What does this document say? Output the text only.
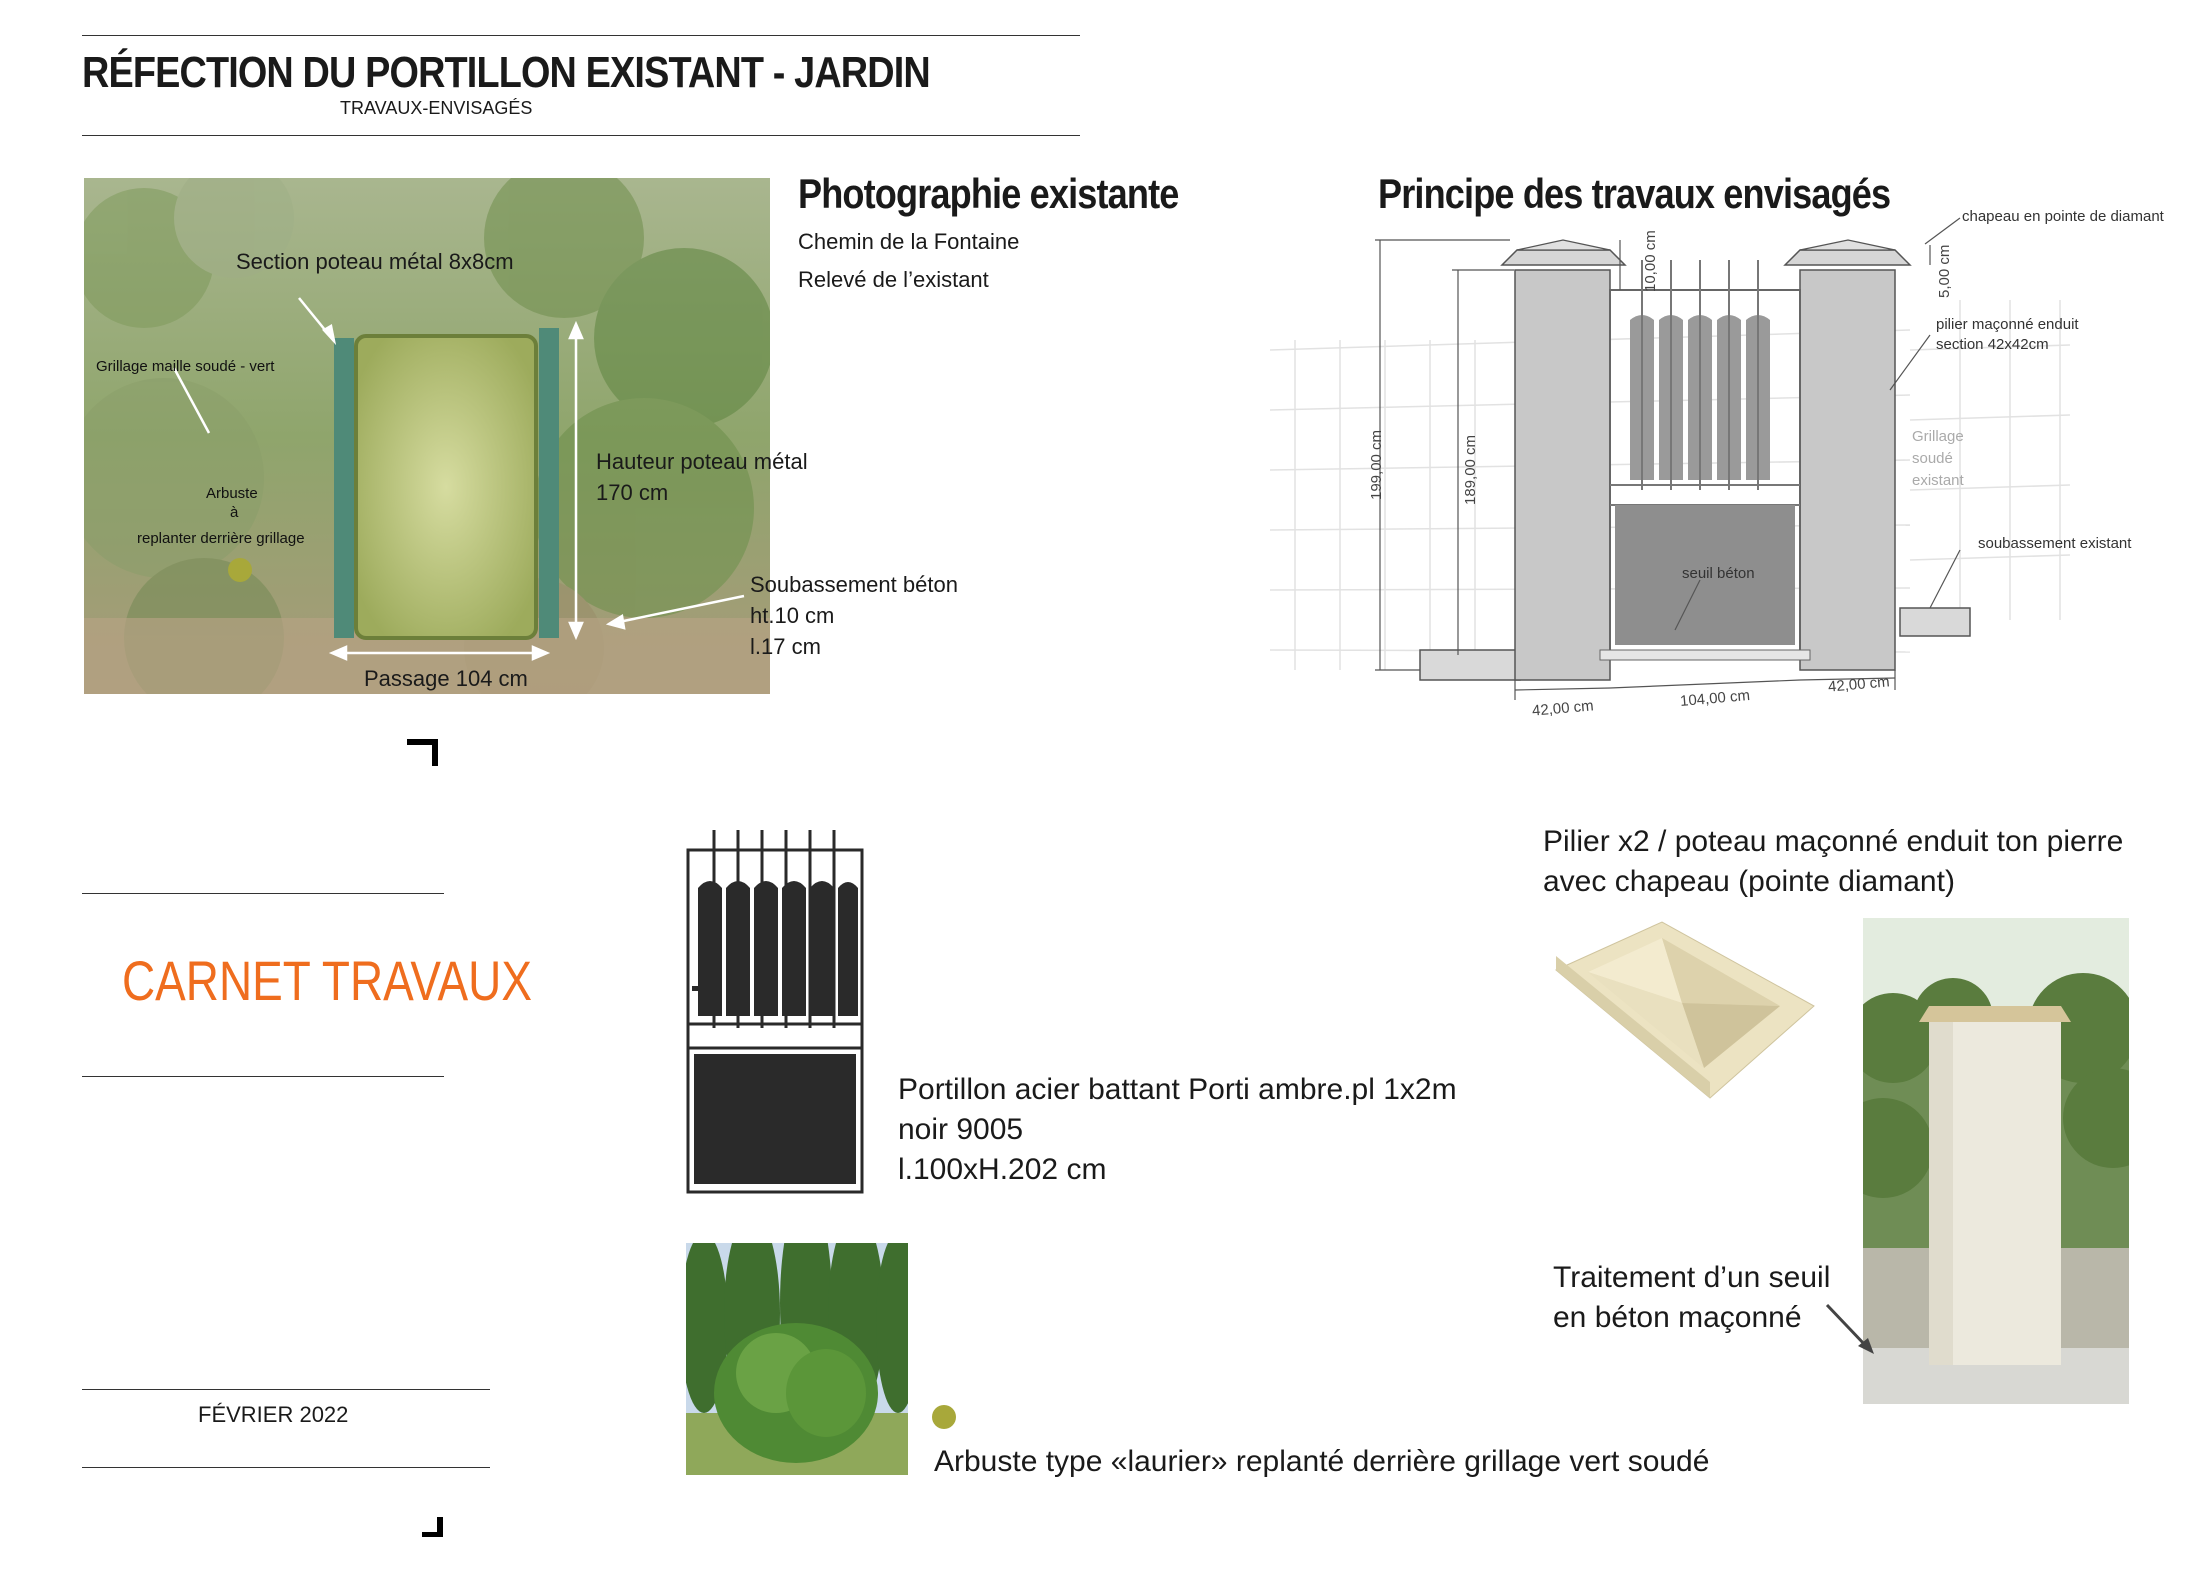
RÉFECTION DU PORTILLON EXISTANT - JARDIN
TRAVAUX-ENVISAGÉS
Section poteau métal 8x8cm
Grillage maille soudé - vert
Arbuste
à
replanter derrière grillage
Hauteur poteau métal
170 cm
Soubassement béton
ht.10 cm
l.17 cm
Passage 104 cm
Photographie existante
Chemin de la Fontaine
Relevé de l’existant
Principe des travaux envisagés	chapeau en pointe de diamant
pilier maçonné enduit
section 42x42cm
Grillage
soudé
existant
soubassement existant
seuil béton
199,00 cm	189,00 cm
10,00 cm	5,00 cm
42,00 cm	104,00 cm
42,00 cm
CARNET TRAVAUX
FÉVRIER 2022
Portillon acier battant Porti ambre.pl 1x2m
noir 9005
l.100xH.202 cm
Pilier x2 / poteau maçonné enduit ton pierre
avec chapeau (pointe diamant)
Traitement d’un seuil
en béton maçonné
Arbuste type «laurier» replanté derrière grillage vert soudé
